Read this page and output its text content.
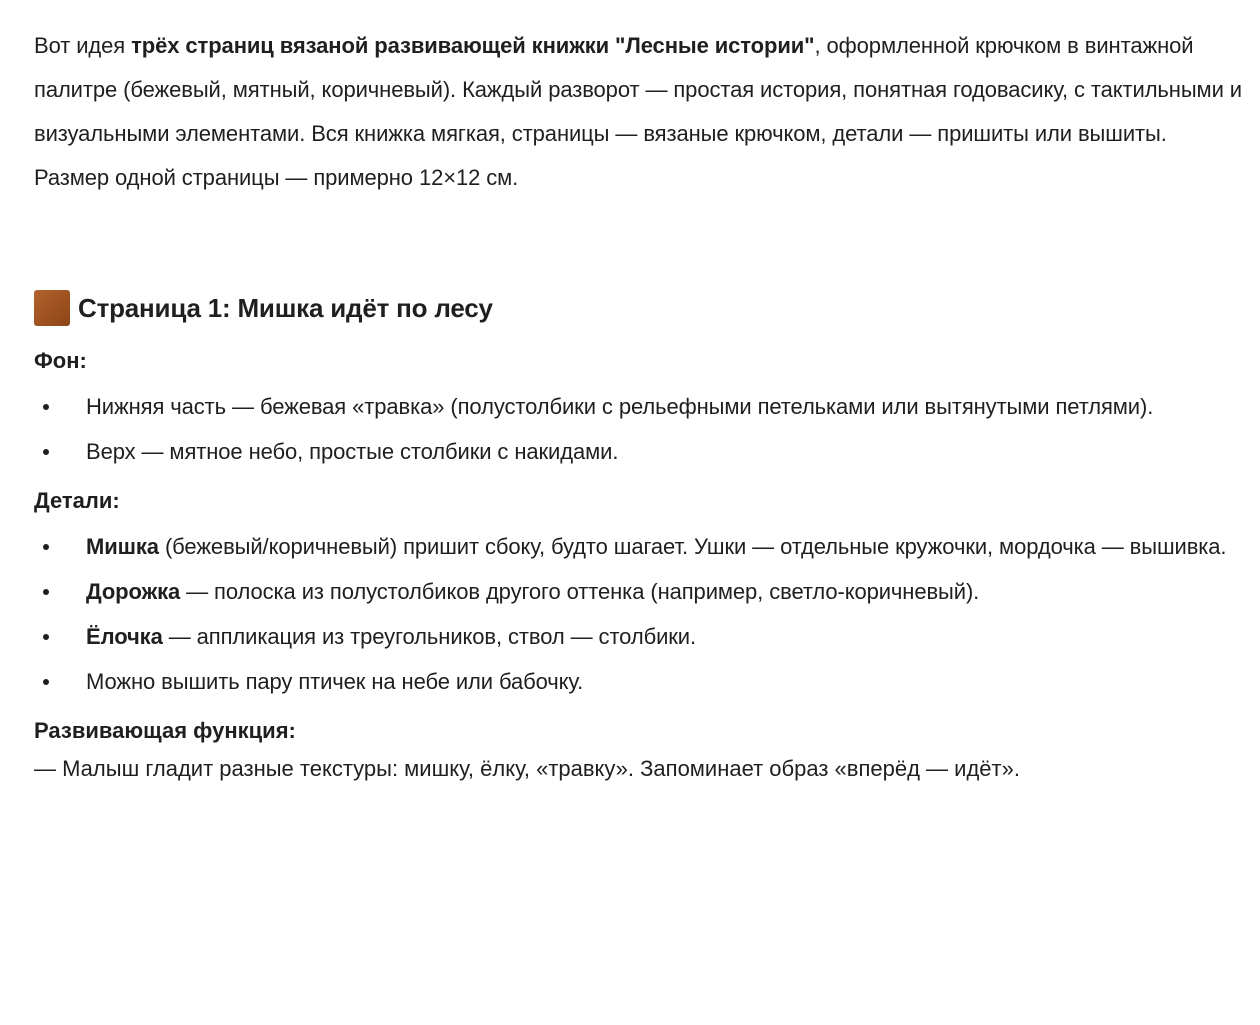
Вот идея трёх страниц вязаной развивающей книжки "Лесные истории", оформленной крючком в винтажной палитре (бежевый, мятный, коричневый). Каждый разворот — простая история, понятная годовасику, с тактильными и визуальными элементами. Вся книжка мягкая, страницы — вязаные крючком, детали — пришиты или вышиты. Размер одной страницы — примерно 12×12 см.

Страница 1: Мишка идёт по лесу
Фон:
Нижняя часть — бежевая «травка» (полустолбики с рельефными петельками или вытянутыми петлями).
Верх — мятное небо, простые столбики с накидами.
Детали:
Мишка (бежевый/коричневый) пришит сбоку, будто шагает. Ушки — отдельные кружочки, мордочка — вышивка.
Дорожка — полоска из полустолбиков другого оттенка (например, светло-коричневый).
Ёлочка — аппликация из треугольников, ствол — столбики.
Можно вышить пару птичек на небе или бабочку.
Развивающая функция:

— Малыш гладит разные текстуры: мишку, ёлку, «травку». Запоминает образ «вперёд — идёт».
